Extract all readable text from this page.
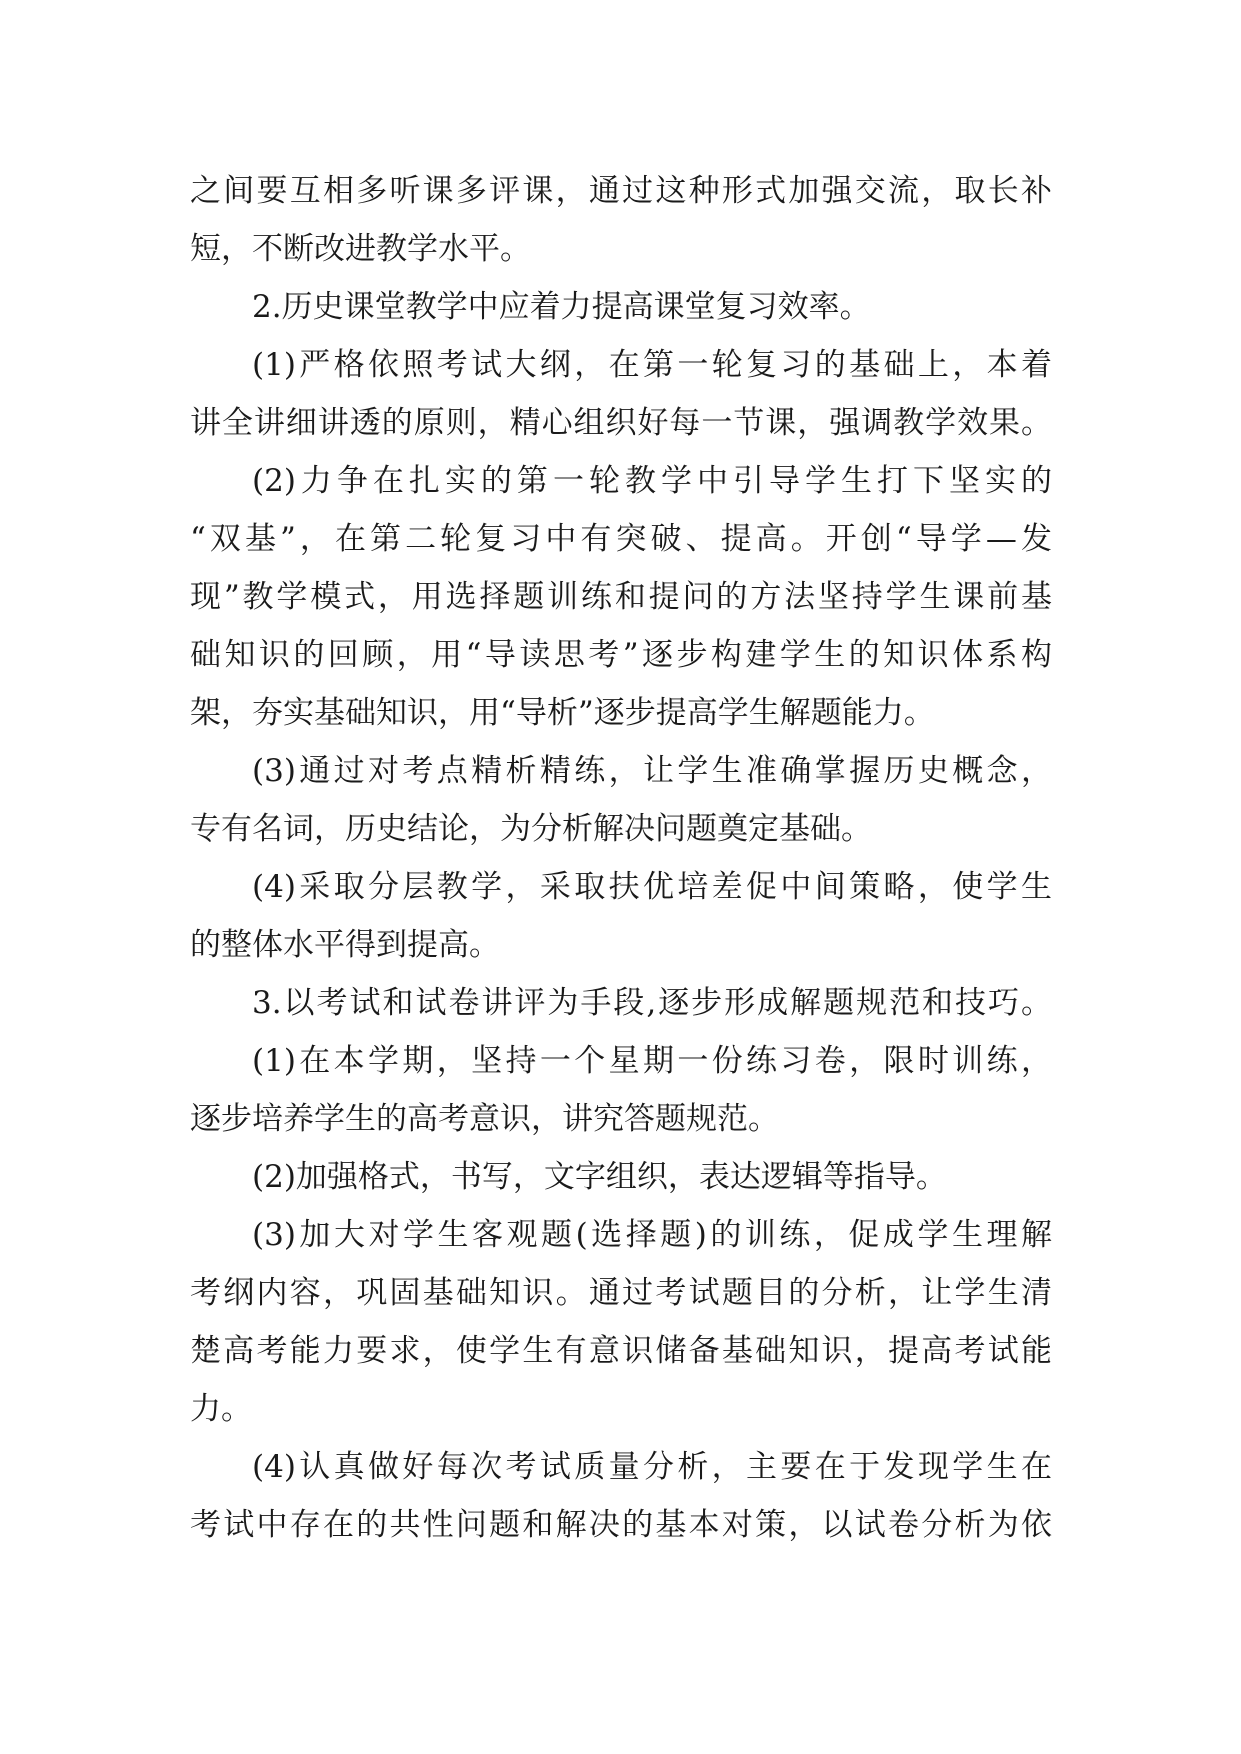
之间要互相多听课多评课，通过这种形式加强交流，取长补
短，不断改进教学水平。
2.历史课堂教学中应着力提高课堂复习效率。
(1)严格依照考试大纲，在第一轮复习的基础上，本着
讲全讲细讲透的原则，精心组织好每一节课，强调教学效果。
(2)力争在扎实的第一轮教学中引导学生打下坚实的
“双基”，在第二轮复习中有突破、提高。开创“导学—发
现”教学模式，用选择题训练和提问的方法坚持学生课前基
础知识的回顾，用“导读思考”逐步构建学生的知识体系构
架，夯实基础知识，用“导析”逐步提高学生解题能力。
(3)通过对考点精析精练，让学生准确掌握历史概念，
专有名词，历史结论，为分析解决问题奠定基础。
(4)采取分层教学，采取扶优培差促中间策略，使学生
的整体水平得到提高。
3.以考试和试卷讲评为手段,逐步形成解题规范和技巧。
(1)在本学期，坚持一个星期一份练习卷，限时训练，
逐步培养学生的高考意识，讲究答题规范。
(2)加强格式，书写，文字组织，表达逻辑等指导。
(3)加大对学生客观题(选择题)的训练，促成学生理解
考纲内容，巩固基础知识。通过考试题目的分析，让学生清
楚高考能力要求，使学生有意识储备基础知识，提高考试能
力。
(4)认真做好每次考试质量分析，主要在于发现学生在
考试中存在的共性问题和解决的基本对策，以试卷分析为依
